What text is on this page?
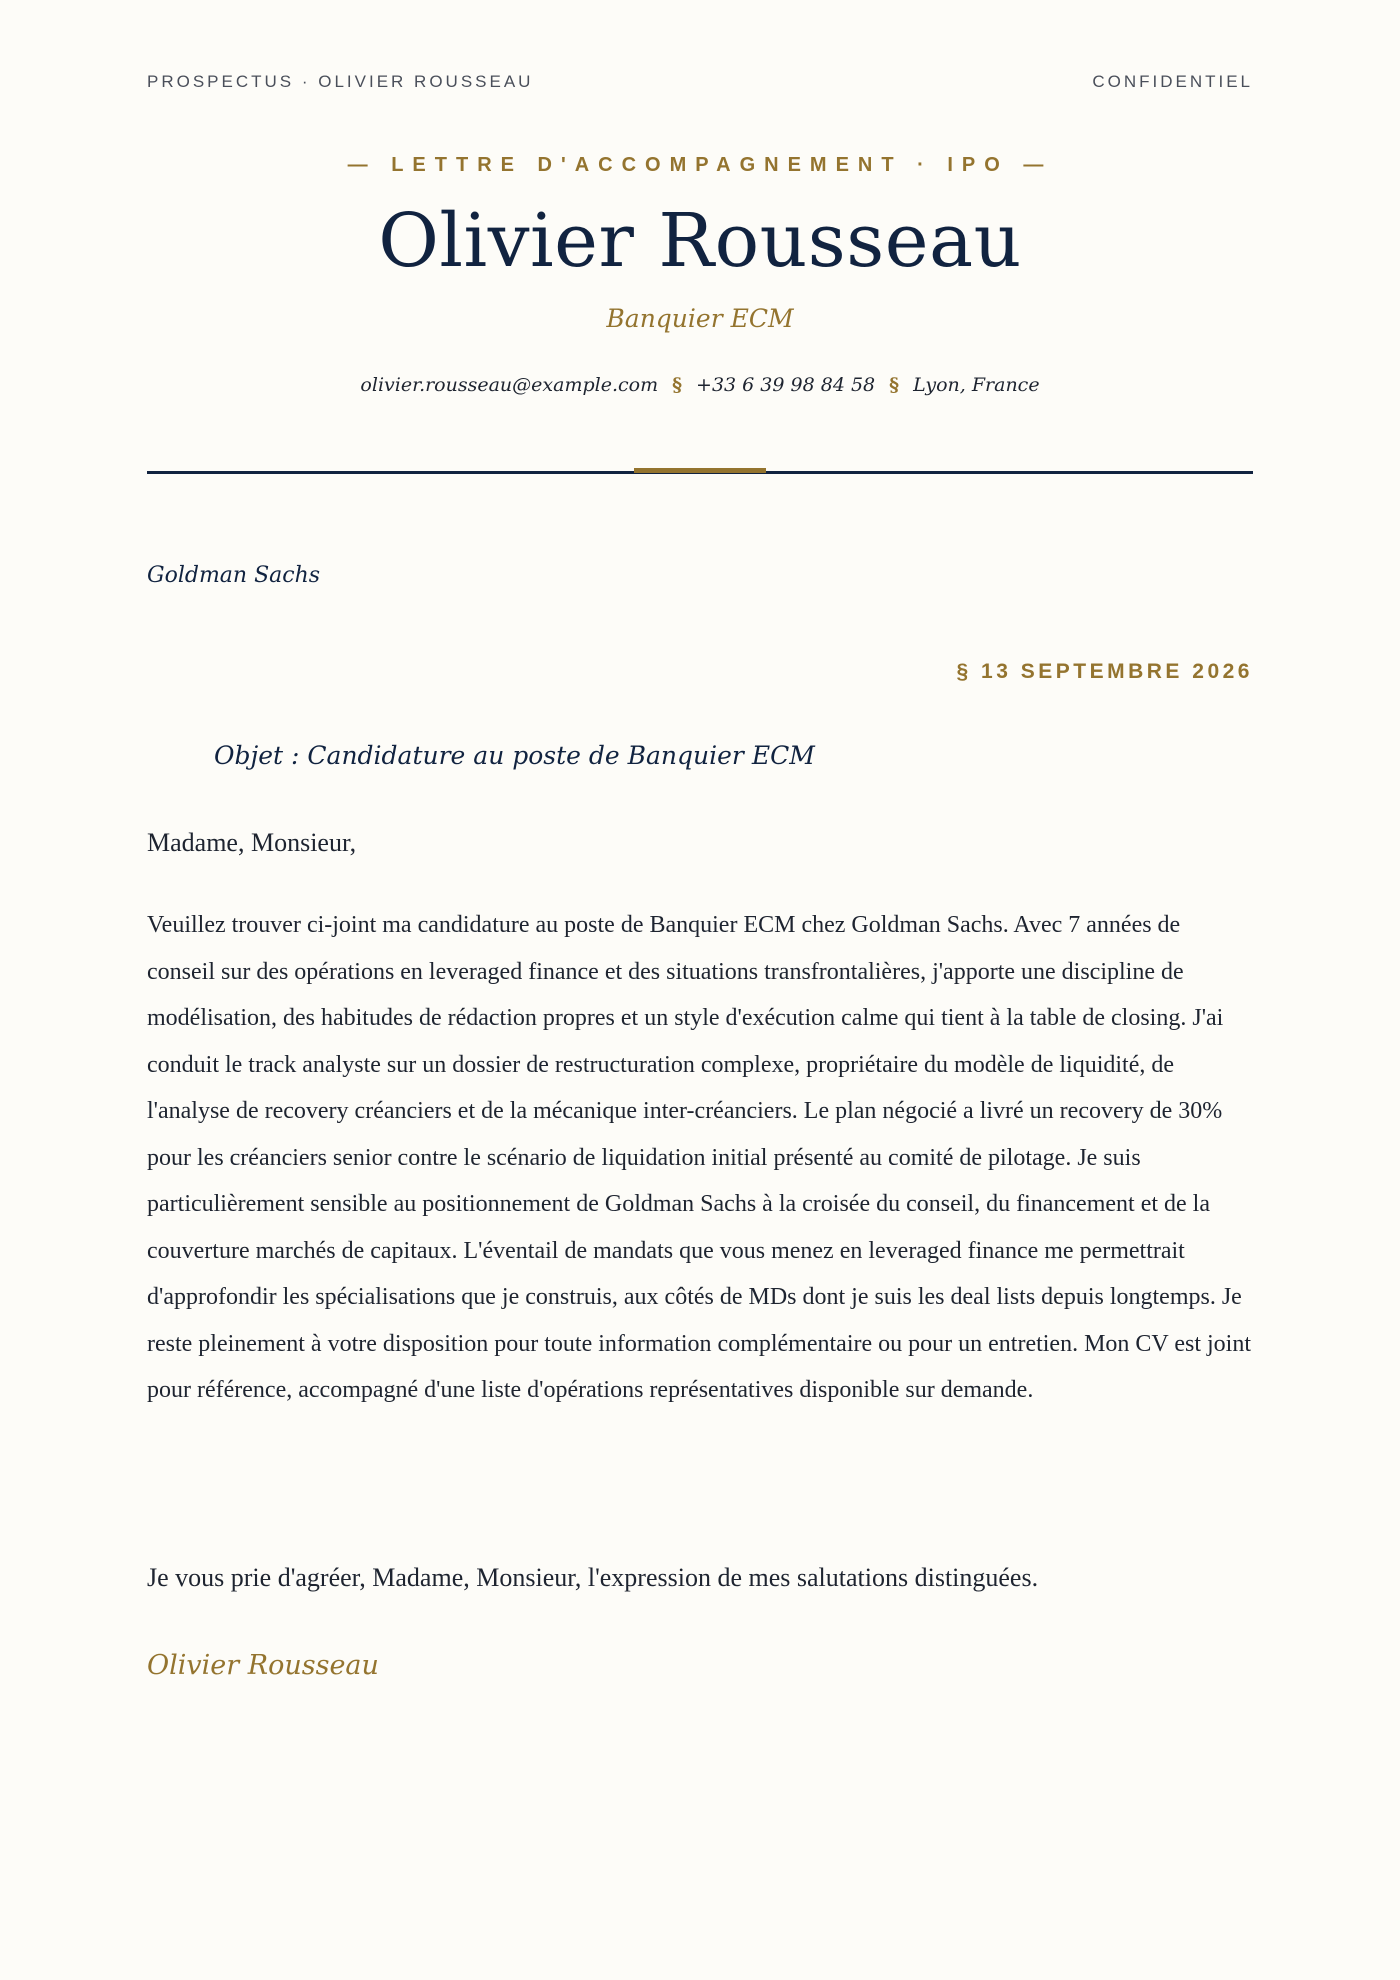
PROSPECTUS · OLIVIER ROUSSEAU	CONFIDENTIEL
— LETTRE D'ACCOMPAGNEMENT · IPO —
Olivier Rousseau
Banquier ECM
olivier.rousseau@example.com § +33 6 39 98 84 58 § Lyon, France
Goldman Sachs
§ 13 SEPTEMBRE 2026
Objet : Candidature au poste de Banquier ECM
Madame, Monsieur,
Veuillez trouver ci-joint ma candidature au poste de Banquier ECM chez Goldman Sachs. Avec 7 années de conseil sur des opérations en leveraged finance et des situations transfrontalières, j'apporte une discipline de modélisation, des habitudes de rédaction propres et un style d'exécution calme qui tient à la table de closing. J'ai conduit le track analyste sur un dossier de restructuration complexe, propriétaire du modèle de liquidité, de l'analyse de recovery créanciers et de la mécanique inter-créanciers. Le plan négocié a livré un recovery de 30% pour les créanciers senior contre le scénario de liquidation initial présenté au comité de pilotage. Je suis particulièrement sensible au positionnement de Goldman Sachs à la croisée du conseil, du financement et de la couverture marchés de capitaux. L'éventail de mandats que vous menez en leveraged finance me permettrait d'approfondir les spécialisations que je construis, aux côtés de MDs dont je suis les deal lists depuis longtemps. Je reste pleinement à votre disposition pour toute information complémentaire ou pour un entretien. Mon CV est joint pour référence, accompagné d'une liste d'opérations représentatives disponible sur demande.
Je vous prie d'agréer, Madame, Monsieur, l'expression de mes salutations distinguées.
Olivier Rousseau
